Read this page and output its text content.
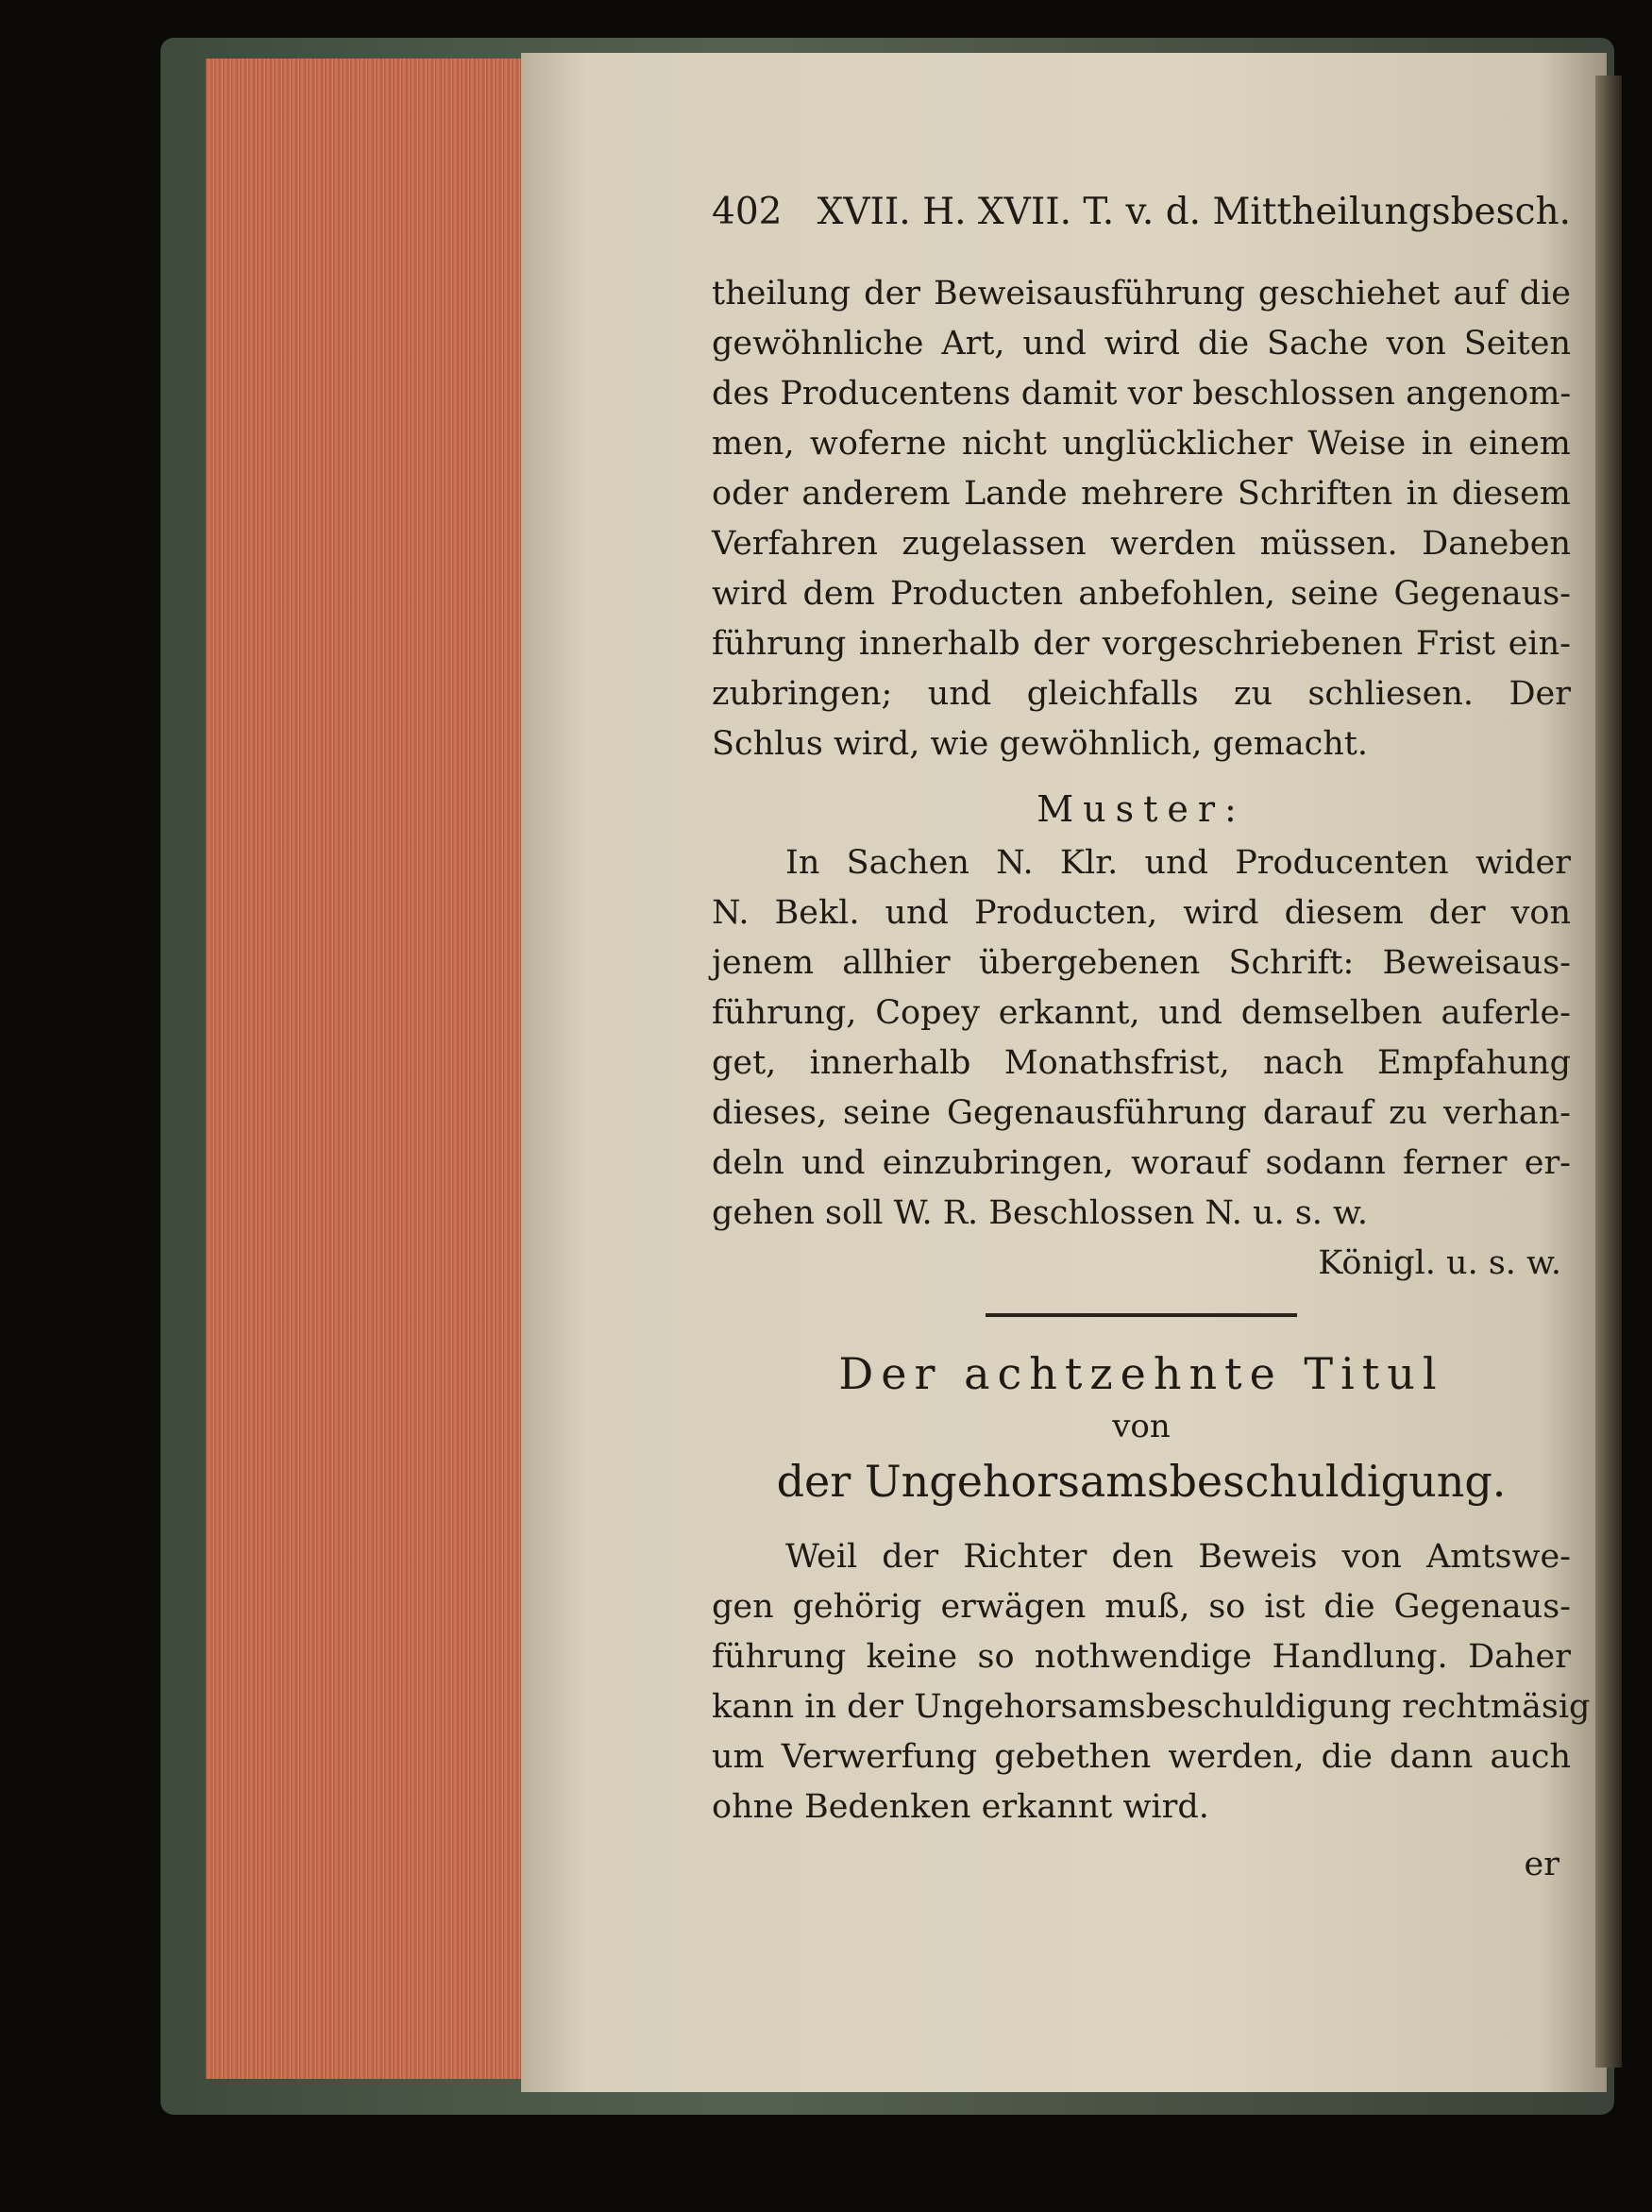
402 XVII. H. XVII. T. v. d. Mittheilungsbesch.
theilung der Beweisausführung geschiehet auf die
gewöhnliche Art, und wird die Sache von Seiten
des Producentens damit vor beschlossen angenom-
men, woferne nicht unglücklicher Weise in einem
oder anderem Lande mehrere Schriften in diesem
Verfahren zugelassen werden müssen. Daneben
wird dem Producten anbefohlen, seine Gegenaus-
führung innerhalb der vorgeschriebenen Frist ein-
zubringen; und gleichfalls zu schliesen. Der
Schlus wird, wie gewöhnlich, gemacht.
Muster:
In Sachen N. Klr. und Producenten wider
N. Bekl. und Producten, wird diesem der von
jenem allhier übergebenen Schrift: Beweisaus-
führung, Copey erkannt, und demselben auferle-
get, innerhalb Monathsfrist, nach Empfahung
dieses, seine Gegenausführung darauf zu verhan-
deln und einzubringen, worauf sodann ferner er-
gehen soll W. R. Beschlossen N. u. s. w.
Königl. u. s. w.
Der achtzehnte Titul
von
der Ungehorsamsbeschuldigung.
Weil der Richter den Beweis von Amtswe-
gen gehörig erwägen muß, so ist die Gegenaus-
führung keine so nothwendige Handlung. Daher
kann in der Ungehorsamsbeschuldigung rechtmäsig
um Verwerfung gebethen werden, die dann auch
ohne Bedenken erkannt wird.
er
